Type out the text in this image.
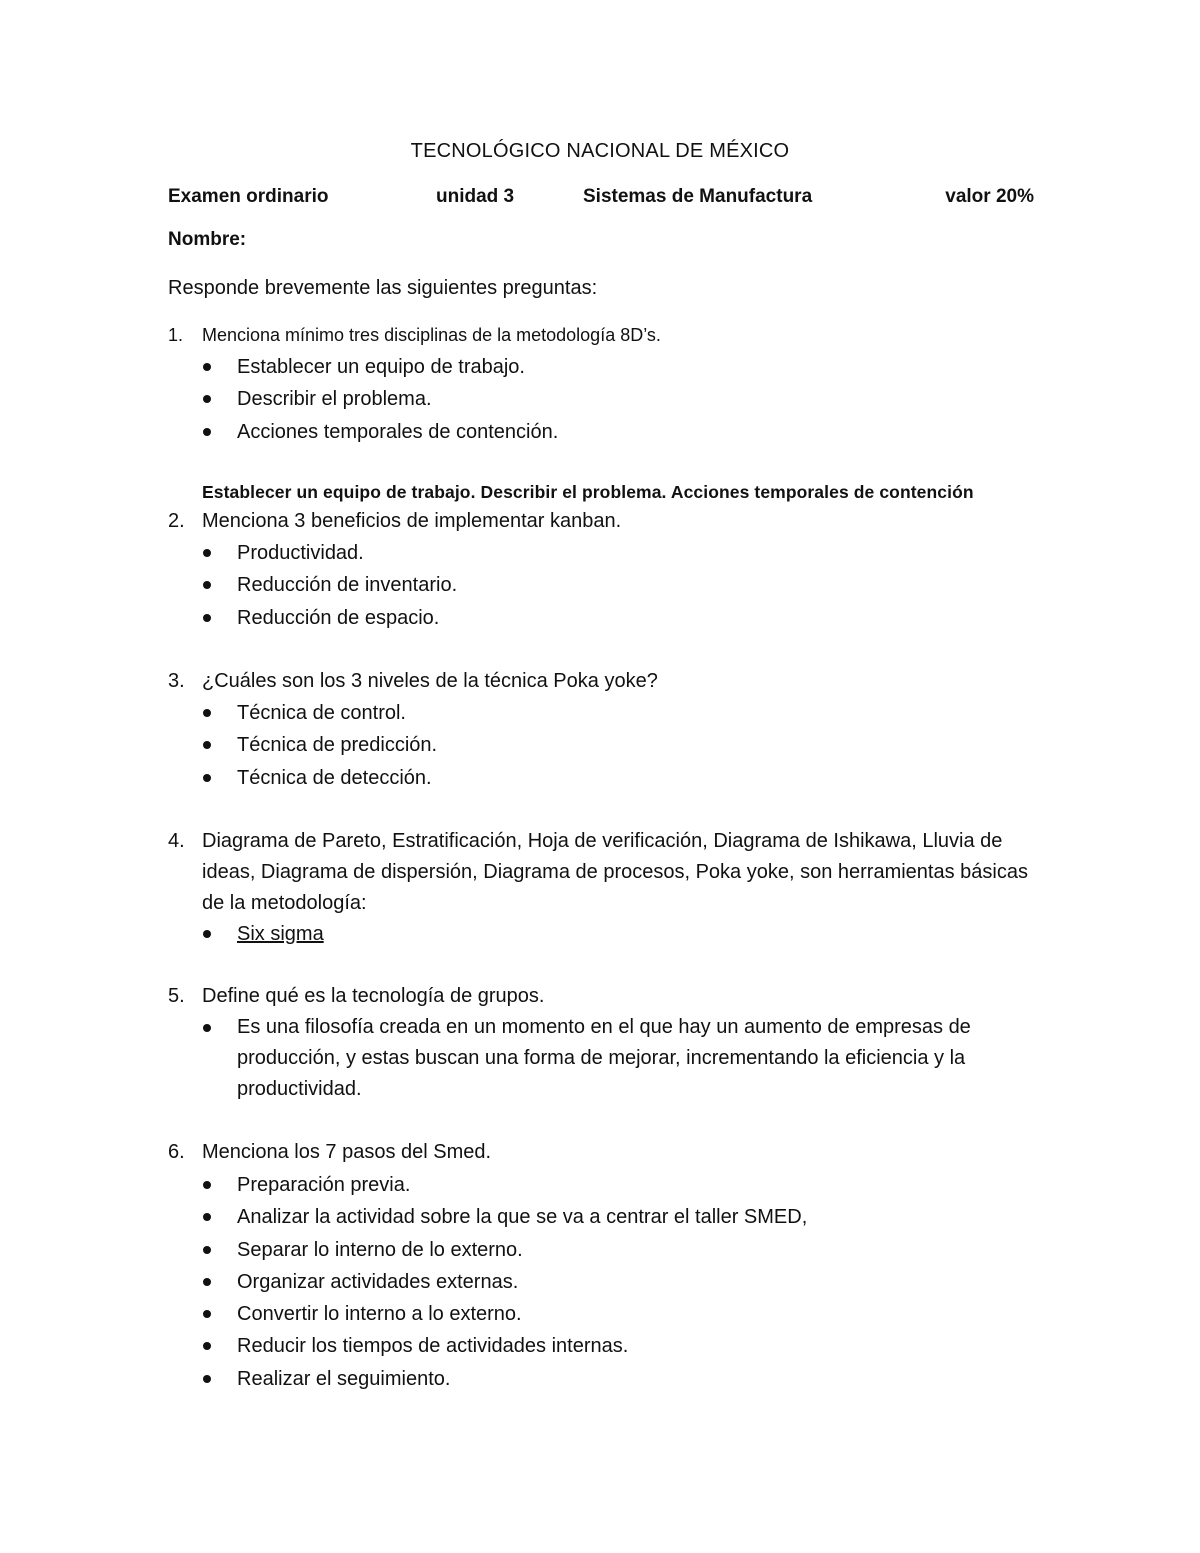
TECNOLÓGICO NACIONAL DE MÉXICO
Examen ordinario	unidad 3	Sistemas de Manufactura	valor 20%
Nombre:
Responde brevemente las siguientes preguntas:
1. Menciona mínimo tres disciplinas de la metodología 8D’s.
Establecer un equipo de trabajo.
Describir el problema.
Acciones temporales de contención.
Establecer un equipo de trabajo. Describir el problema. Acciones temporales de contención
2. Menciona 3 beneficios de implementar kanban.
Productividad.
Reducción de inventario.
Reducción de espacio.
3. ¿Cuáles son los 3 niveles de la técnica Poka yoke?
Técnica de control.
Técnica de predicción.
Técnica de detección.
4. Diagrama de Pareto, Estratificación, Hoja de verificación, Diagrama de Ishikawa, Lluvia de ideas, Diagrama de dispersión, Diagrama de procesos, Poka yoke, son herramientas básicas de la metodología:
Six sigma
5. Define qué es la tecnología de grupos.
Es una filosofía creada en un momento en el que hay un aumento de empresas de producción, y estas buscan una forma de mejorar, incrementando la eficiencia y la productividad.
6. Menciona los 7 pasos del Smed.
Preparación previa.
Analizar la actividad sobre la que se va a centrar el taller SMED,
Separar lo interno de lo externo.
Organizar actividades externas.
Convertir lo interno a lo externo.
Reducir los tiempos de actividades internas.
Realizar el seguimiento.
